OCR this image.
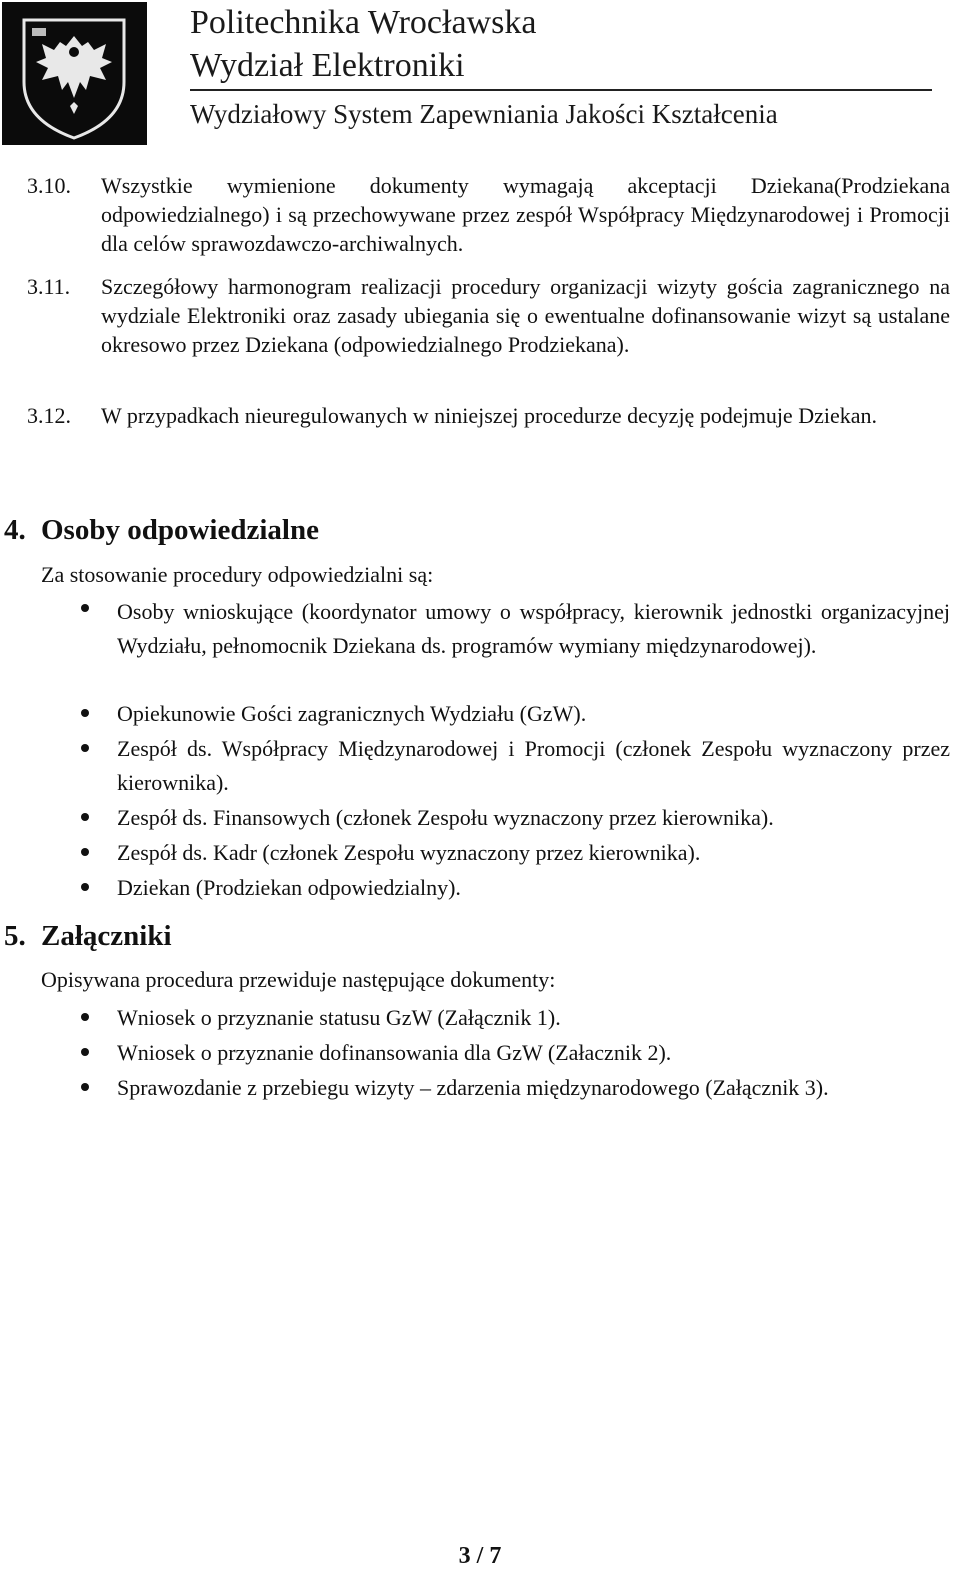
Politechnika Wrocławska
Wydział Elektroniki
Wydziałowy System Zapewniania Jakości Kształcenia
3.10. Wszystkie wymienione dokumenty wymagają akceptacji Dziekana(Prodziekana odpowiedzialnego) i są przechowywane przez zespół Współpracy Międzynarodowej i Promocji dla celów sprawozdawczo-archiwalnych.
3.11. Szczegółowy harmonogram realizacji procedury organizacji wizyty gościa zagranicznego na wydziale Elektroniki oraz zasady ubiegania się o ewentualne dofinansowanie wizyt są ustalane okresowo przez Dziekana (odpowiedzialnego Prodziekana).
3.12. W przypadkach nieuregulowanych w niniejszej procedurze decyzję podejmuje Dziekan.
4. Osoby odpowiedzialne
Za stosowanie procedury odpowiedzialni są:
Osoby wnioskujące (koordynator umowy o współpracy, kierownik jednostki organizacyjnej Wydziału, pełnomocnik Dziekana ds. programów wymiany międzynarodowej).
Opiekunowie Gości zagranicznych Wydziału (GzW).
Zespół ds. Współpracy Międzynarodowej i Promocji (członek Zespołu wyznaczony przez kierownika).
Zespół ds. Finansowych (członek Zespołu wyznaczony przez kierownika).
Zespół ds. Kadr (członek Zespołu wyznaczony przez kierownika).
Dziekan (Prodziekan odpowiedzialny).
5. Załączniki
Opisywana procedura przewiduje następujące dokumenty:
Wniosek o przyznanie statusu GzW (Załącznik 1).
Wniosek o przyznanie dofinansowania dla GzW (Załacznik 2).
Sprawozdanie z przebiegu wizyty – zdarzenia międzynarodowego (Załącznik 3).
3 / 7
